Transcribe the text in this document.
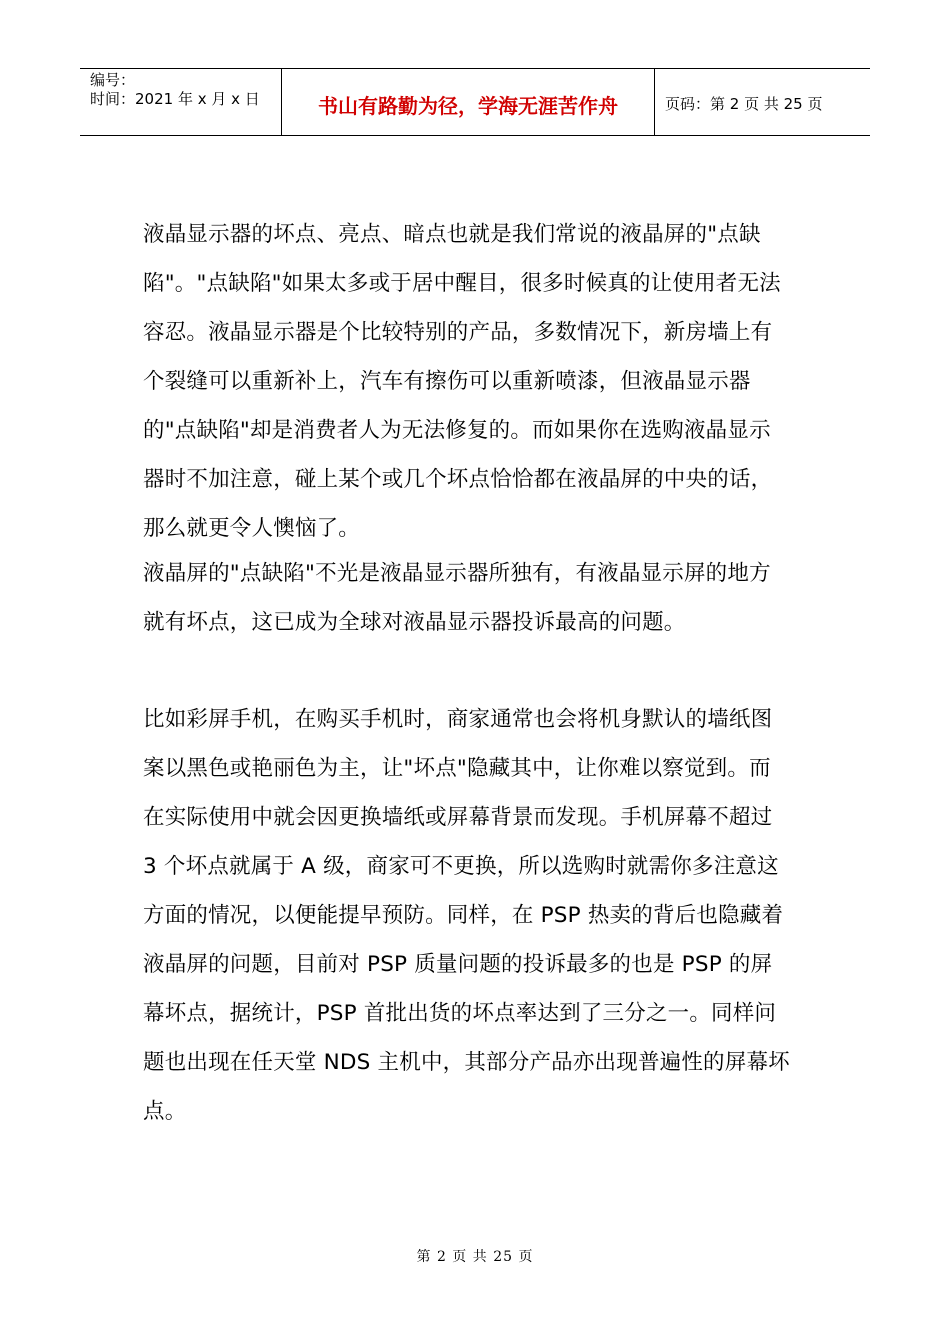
编号：
时间：2021 年 x 月 x 日	书山有路勤为径，学海无涯苦作舟	页码：第 2 页 共 25 页
液晶显示器的坏点、亮点、暗点也就是我们常说的液晶屏的"点缺
陷"。"点缺陷"如果太多或于居中醒目，很多时候真的让使用者无法
容忍。液晶显示器是个比较特别的产品，多数情况下，新房墙上有
个裂缝可以重新补上，汽车有擦伤可以重新喷漆，但液晶显示器
的"点缺陷"却是消费者人为无法修复的。而如果你在选购液晶显示
器时不加注意，碰上某个或几个坏点恰恰都在液晶屏的中央的话，
那么就更令人懊恼了。
液晶屏的"点缺陷"不光是液晶显示器所独有，有液晶显示屏的地方
就有坏点，这已成为全球对液晶显示器投诉最高的问题。
比如彩屏手机，在购买手机时，商家通常也会将机身默认的墙纸图
案以黑色或艳丽色为主，让"坏点"隐藏其中，让你难以察觉到。而
在实际使用中就会因更换墙纸或屏幕背景而发现。手机屏幕不超过
3 个坏点就属于 A 级，商家可不更换，所以选购时就需你多注意这
方面的情况，以便能提早预防。同样，在 PSP 热卖的背后也隐藏着
液晶屏的问题，目前对 PSP 质量问题的投诉最多的也是 PSP 的屏
幕坏点，据统计，PSP 首批出货的坏点率达到了三分之一。同样问
题也出现在任天堂 NDS 主机中，其部分产品亦出现普遍性的屏幕坏
点。
第 2 页 共 25 页
